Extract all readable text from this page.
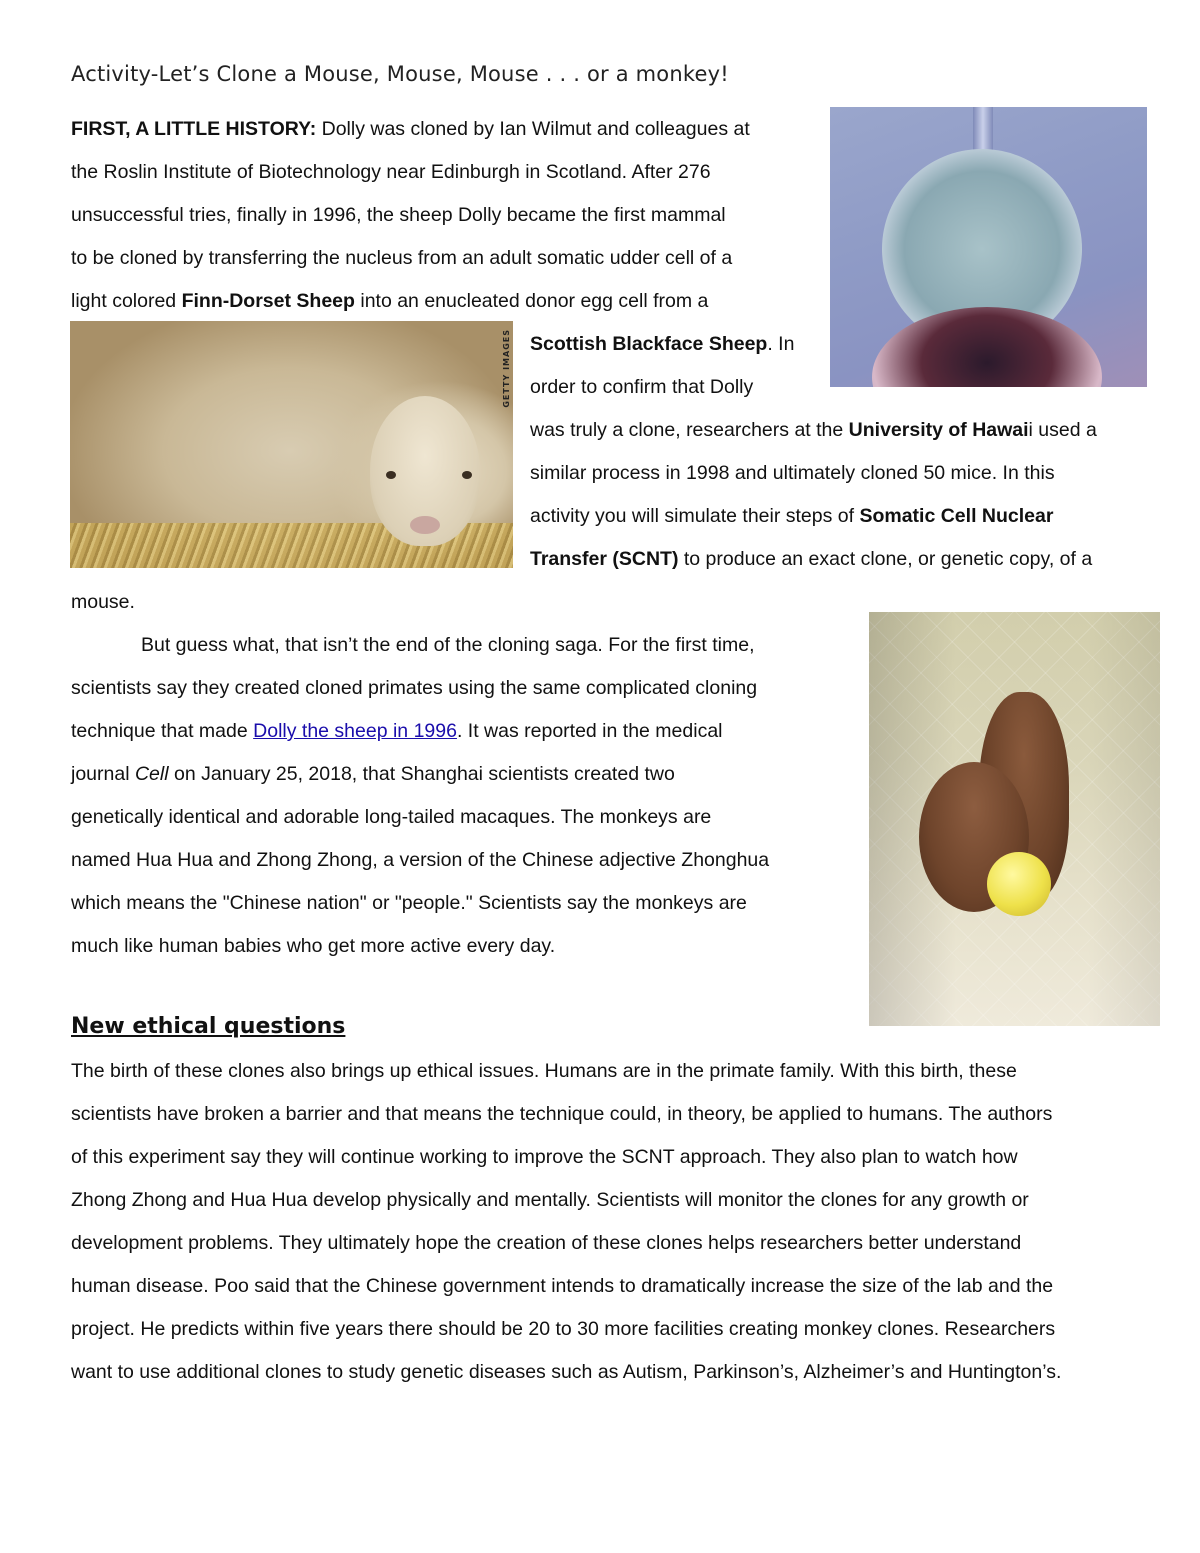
Activity-Let’s Clone a Mouse, Mouse, Mouse . . . or a monkey!
FIRST, A LITTLE HISTORY: Dolly was cloned by Ian Wilmut and colleagues at
the Roslin Institute of Biotechnology near Edinburgh in Scotland. After 276
unsuccessful tries, finally in 1996, the sheep Dolly became the first mammal
to be cloned by transferring the nucleus from an adult somatic udder cell of a
light colored Finn-Dorset Sheep into an enucleated donor egg cell from a
Scottish Blackface Sheep. In
order to confirm that Dolly
was truly a clone, researchers at the University of Hawaii used a
similar process in 1998 and ultimately cloned 50 mice. In this
activity you will simulate their steps of Somatic Cell Nuclear
Transfer (SCNT) to produce an exact clone, or genetic copy, of a
mouse.
But guess what, that isn’t the end of the cloning saga. For the first time,
scientists say they created cloned primates using the same complicated cloning
technique that made Dolly the sheep in 1996. It was reported in the medical
journal Cell on January 25, 2018, that Shanghai scientists created two
genetically identical and adorable long-tailed macaques. The monkeys are
named Hua Hua and Zhong Zhong, a version of the Chinese adjective Zhonghua
which means the "Chinese nation" or "people." Scientists say the monkeys are
much like human babies who get more active every day.
New ethical questions
The birth of these clones also brings up ethical issues. Humans are in the primate family. With this birth, these
scientists have broken a barrier and that means the technique could, in theory, be applied to humans. The authors
of this experiment say they will continue working to improve the SCNT approach. They also plan to watch how
Zhong Zhong and Hua Hua develop physically and mentally. Scientists will monitor the clones for any growth or
development problems. They ultimately hope the creation of these clones helps researchers better understand
human disease. Poo said that the Chinese government intends to dramatically increase the size of the lab and the
project. He predicts within five years there should be 20 to 30 more facilities creating monkey clones. Researchers
want to use additional clones to study genetic diseases such as Autism, Parkinson’s, Alzheimer’s and Huntington’s.
GETTY IMAGES
